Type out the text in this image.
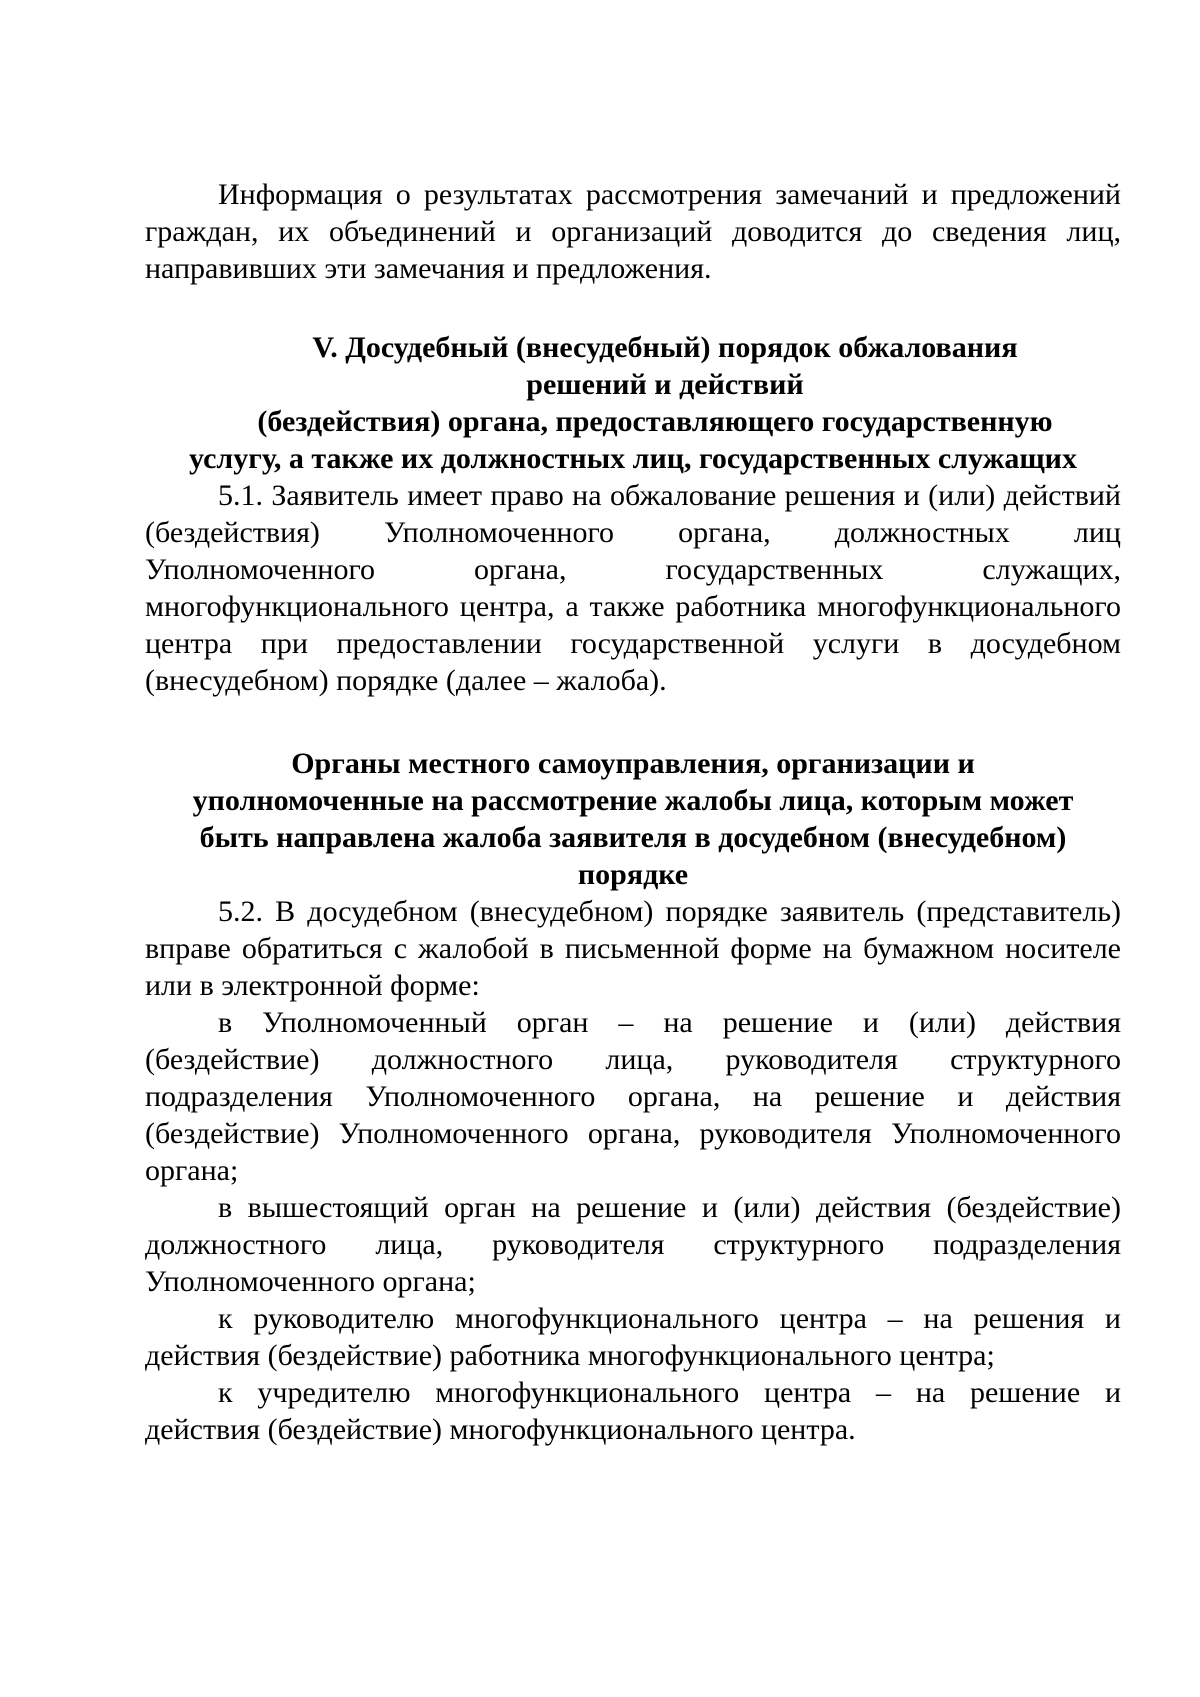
Информация о результатах рассмотрения замечаний и предложений граждан, их объединений и организаций доводится до сведения лиц, направивших эти замечания и предложения.

V. Досудебный (внесудебный) порядок обжалования
решений и действий
(бездействия) органа, предоставляющего государственную
услугу, а также их должностных лиц, государственных служащих

5.1. Заявитель имеет право на обжалование решения и (или) действий (бездействия) Уполномоченного органа, должностных лиц Уполномоченного органа, государственных служащих, многофункционального центра, а также работника многофункционального центра при предоставлении государственной услуги в досудебном (внесудебном) порядке (далее – жалоба).

Органы местного самоуправления, организации и
уполномоченные на рассмотрение жалобы лица, которым может
быть направлена жалоба заявителя в досудебном (внесудебном)
порядке

5.2. В досудебном (внесудебном) порядке заявитель (представитель) вправе обратиться с жалобой в письменной форме на бумажном носителе или в электронной форме:

в Уполномоченный орган – на решение и (или) действия (бездействие) должностного лица, руководителя структурного подразделения Уполномоченного органа, на решение и действия (бездействие) Уполномоченного органа, руководителя Уполномоченного органа;

в вышестоящий орган на решение и (или) действия (бездействие) должностного лица, руководителя структурного подразделения Уполномоченного органа;

к руководителю многофункционального центра – на решения и действия (бездействие) работника многофункционального центра;

к учредителю многофункционального центра – на решение и действия (бездействие) многофункционального центра.
